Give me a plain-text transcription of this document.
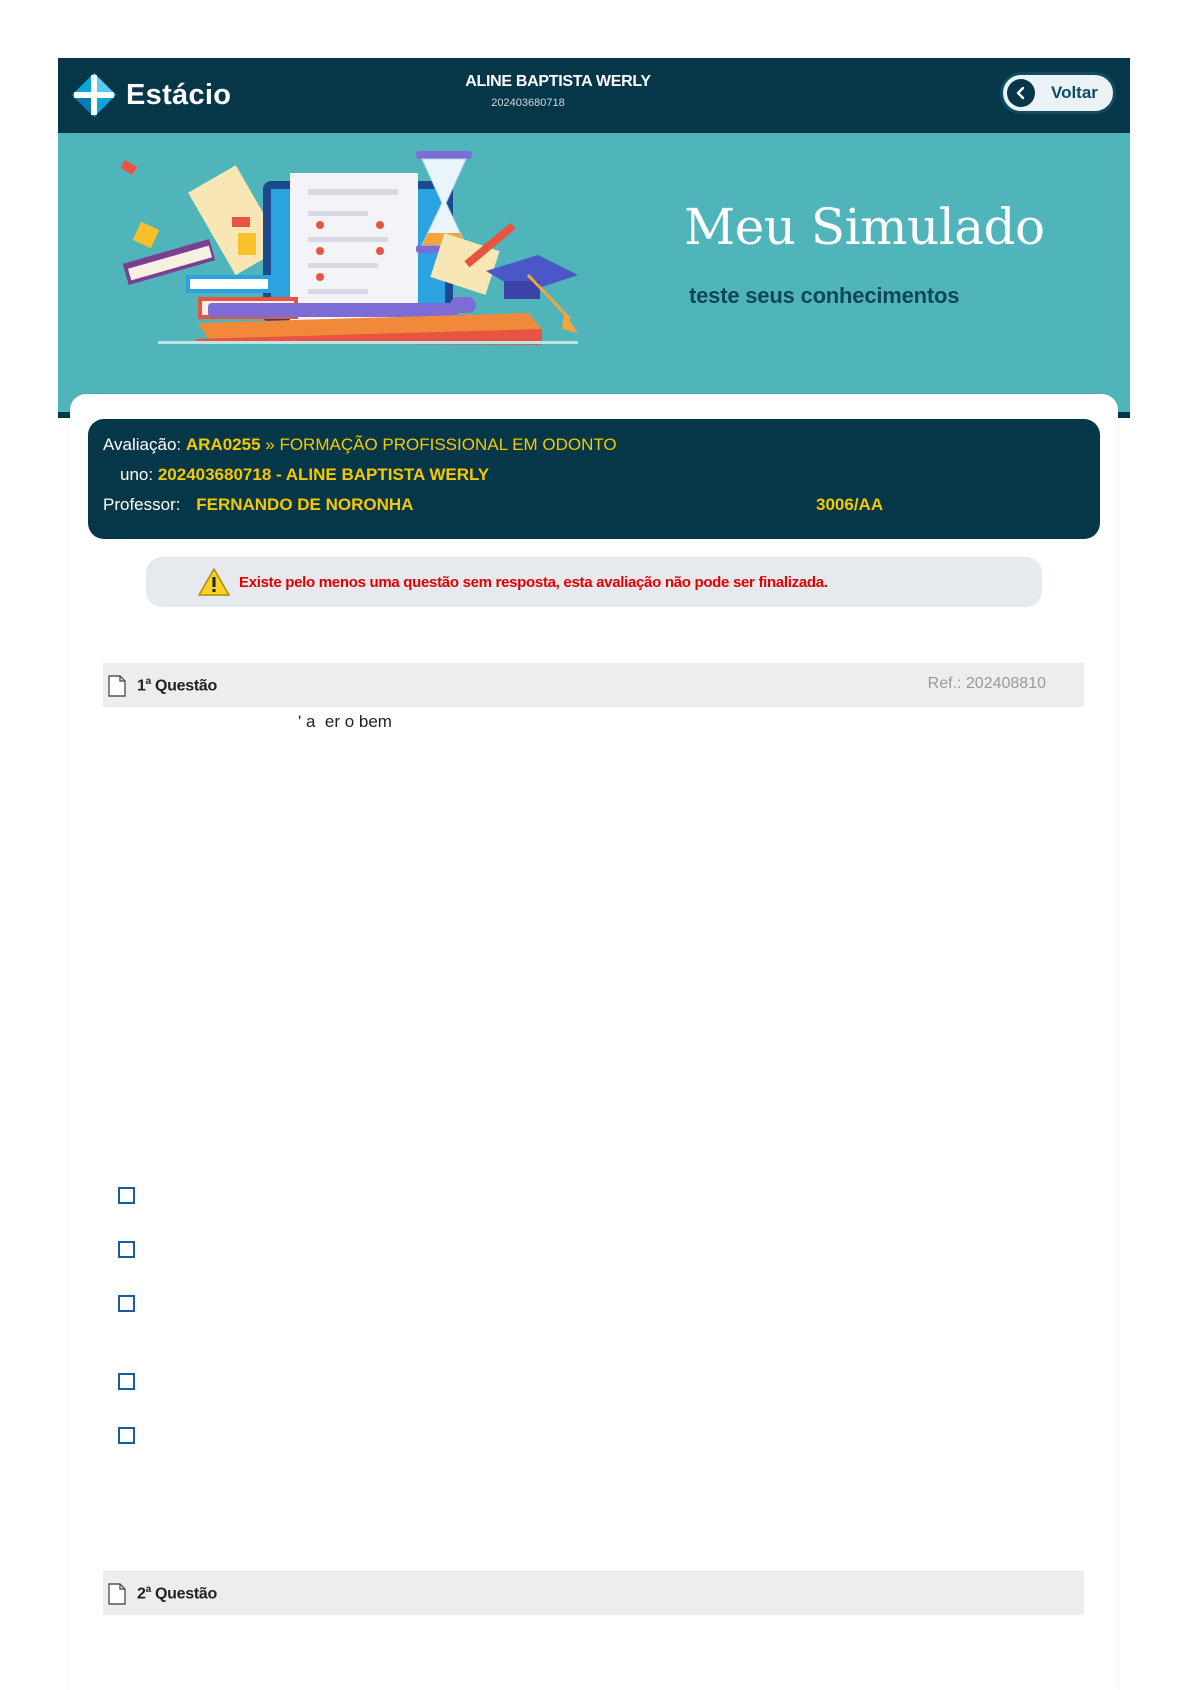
Estácio	ALINE BAPTISTA WERLY
202403680718
Voltar
Meu Simulado
teste seus conhecimentos
Avaliação: ARA0255 » FORMAÇÃO PROFISSIONAL EM ODONTO
uno: 202403680718 - ALINE BAPTISTA WERLY
Professor: FERNANDO DE NORONHA	3006/AA
Existe pelo menos uma questão sem resposta, esta avaliação não pode ser finalizada.
1$^a$ Questão	Ref.: 202408810
' a  er o bem
2$^a$ Questão
